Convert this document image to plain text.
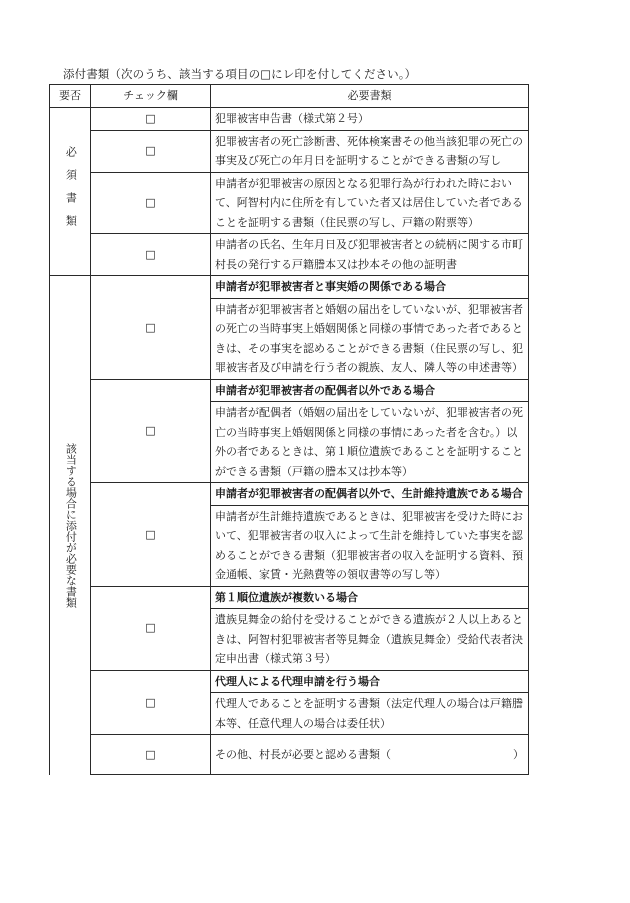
添付書類（次のうち、該当する項目の□にレ印を付してください。）
要否	チェック欄	必要書類

必須書類	□	犯罪被害申告書（様式第２号）
	□	犯罪被害者の死亡診断書、死体検案書その他当該犯罪の死亡の事実及び死亡の年月日を証明することができる書類の写し
	□	申請者が犯罪被害の原因となる犯罪行為が行われた時において、阿智村内に住所を有していた者又は居住していた者であることを証明する書類（住民票の写し、戸籍の附票等）
	□	申請者の氏名、生年月日及び犯罪被害者との続柄に関する市町村長の発行する戸籍謄本又は抄本その他の証明書

該当する場合に添付が必要な書類	□	申請者が犯罪被害者と事実婚の関係である場合
		申請者が犯罪被害者と婚姻の届出をしていないが、犯罪被害者の死亡の当時事実上婚姻関係と同様の事情であった者であるときは、その事実を認めることができる書類（住民票の写し、犯罪被害者及び申請を行う者の親族、友人、隣人等の申述書等）
	□	申請者が犯罪被害者の配偶者以外である場合
		申請者が配偶者（婚姻の届出をしていないが、犯罪被害者の死亡の当時事実上婚姻関係と同様の事情にあった者を含む。）以外の者であるときは、第１順位遺族であることを証明することができる書類（戸籍の謄本又は抄本等）
	□	申請者が犯罪被害者の配偶者以外で、生計維持遺族である場合
		申請者が生計維持遺族であるときは、犯罪被害を受けた時において、犯罪被害者の収入によって生計を維持していた事実を認めることができる書類（犯罪被害者の収入を証明する資料、預金通帳、家賃・光熱費等の領収書等の写し等）
	□	第１順位遺族が複数いる場合
		遺族見舞金の給付を受けることができる遺族が２人以上あるときは、阿智村犯罪被害者等見舞金（遺族見舞金）受給代表者決定申出書（様式第３号）
	□	代理人による代理申請を行う場合
		代理人であることを証明する書類（法定代理人の場合は戸籍謄本等、任意代理人の場合は委任状）
	□	その他、村長が必要と認める書類（ ）
